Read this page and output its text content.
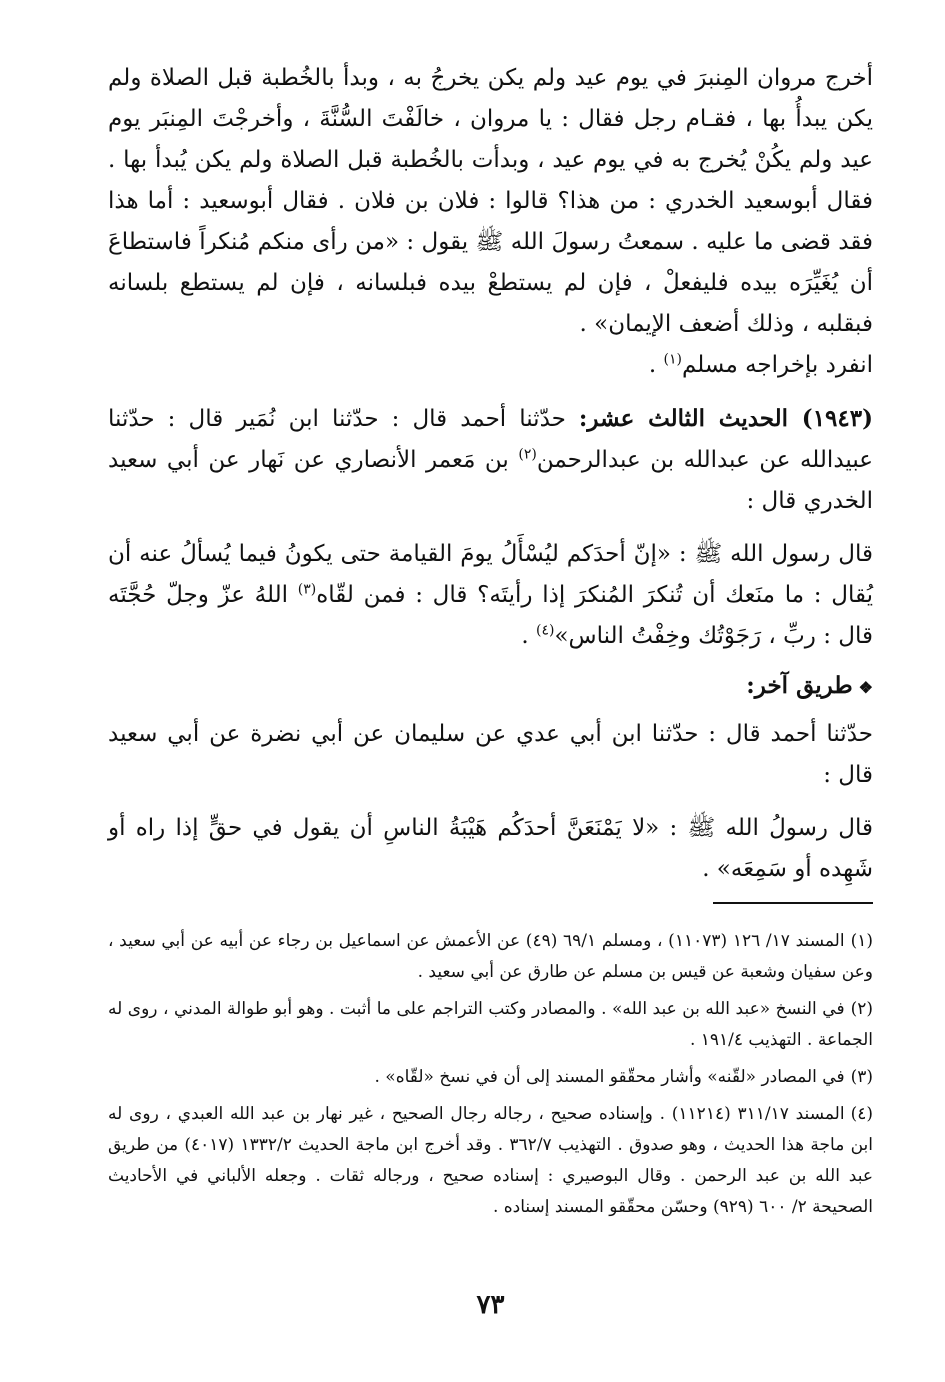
أخرج مروان المِنبرَ في يوم عيد ولم يكن يخرجُ به ، وبدأ بالخُطبة قبل الصلاة ولم يكن يبدأُ بها ، فقـام رجل فقال : يا مروان ، خالَفْتَ السُّنَّةَ ، وأخرجْتَ المِنبَر يوم عيد ولم يكُنْ يُخرج به في يوم عيد ، وبدأت بالخُطبة قبل الصلاة ولم يكن يُبدأ بها . فقال أبوسعيد الخدري : من هذا؟ قالوا : فلان بن فلان . فقال أبوسعيد : أما هذا فقد قضى ما عليه . سمعتُ رسولَ الله ﷺ يقول : «من رأى منكم مُنكراً فاستطاعَ أن يُغَيِّرَه بيده فليفعلْ ، فإن لم يستطعْ بيده فبلسانه ، فإن لم يستطع بلسانه فبقلبه ، وذلك أضعف الإيمان» .

انفرد بإخراجه مسلم$^{(١)}$ .

(١٩٤٣) الحديث الثالث عشر: حدّثنا أحمد قال : حدّثنا ابن نُمَير قال : حدّثنا عبيدالله عن عبدالله بن عبدالرحمن$^{(٢)}$ بن مَعمر الأنصاري عن نَهار عن أبي سعيد الخدري قال :

قال رسول الله ﷺ : «إنّ أحدَكم ليُسْأَلُ يومَ القيامة حتى يكونُ فيما يُسألُ عنه أن يُقال : ما منَعك أن تُنكرَ المُنكرَ إذا رأيتَه؟ قال : فمن لقّاه$^{(٣)}$ اللهُ عزّ وجلّ حُجَّتَه قال : ربِّ ، رَجَوْتُك وخِفْتُ الناس»$^{(٤)}$ .

❖طريق آخر:

حدّثنا أحمد قال : حدّثنا ابن أبي عدي عن سليمان عن أبي نضرة عن أبي سعيد قال :

قال رسولُ الله ﷺ : «لا يَمْنَعَنَّ أحدَكُم هَيْبَةُ الناسِ أن يقول في حقٍّ إذا راه أو شَهِده أو سَمِعَه» .

(١)المسند ١٧/ ١٢٦ (١١٠٧٣) ، ومسلم ٦٩/١ (٤٩) عن الأعمش عن اسماعيل بن رجاء عن أبيه عن أبي سعيد ، وعن سفيان وشعبة عن قيس بن مسلم عن طارق عن أبي سعيد .

(٢)في النسخ «عبد الله بن عبد الله» . والمصادر وكتب التراجم على ما أثبت . وهو أبو طوالة المدني ، روى له الجماعة . التهذيب ١٩١/٤ .

(٣)في المصادر «لقّنه» وأشار محقّقو المسند إلى أن في نسخ «لقّاه» .

(٤)المسند ٣١١/١٧ (١١٢١٤) . وإسناده صحيح ، رجاله رجال الصحيح ، غير نهار بن عبد الله العبدي ، روى له ابن ماجة هذا الحديث ، وهو صدوق . التهذيب ٣٦٢/٧ . وقد أخرج ابن ماجة الحديث ١٣٣٢/٢ (٤٠١٧) من طريق عبد الله بن عبد الرحمن . وقال البوصيري : إسناده صحيح ، ورجاله ثقات . وجعله الألباني في الأحاديث الصحيحة ٢/ ٦٠٠ (٩٢٩) وحسّن محقّقو المسند إسناده .

٧٣
